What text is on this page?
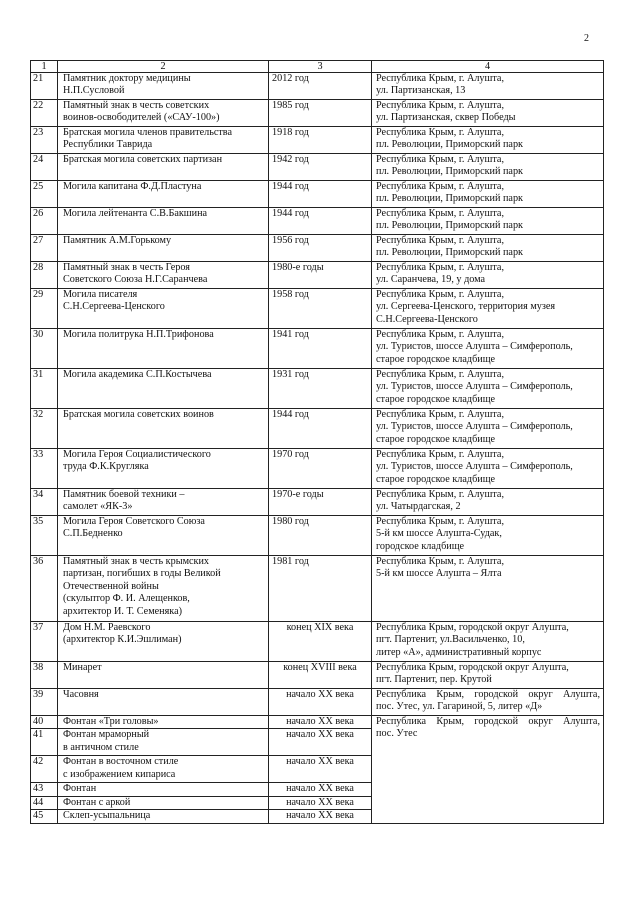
2
1	2	3	4
21	Памятник доктору медицины
Н.П.Сусловой	2012 год	Республика Крым, г. Алушта,
ул. Партизанская, 13

22	Памятный знак в честь советских
воинов-освободителей («САУ-100»)	1985 год	Республика Крым, г. Алушта,
ул. Партизанская, сквер Победы

23	Братская могила членов правительства
Республики Таврида	1918 год	Республика Крым, г. Алушта,
пл. Революции, Приморский парк

24	Братская могила советских партизан	1942 год	Республика Крым, г. Алушта,
пл. Революции, Приморский парк

25	Могила капитана Ф.Д.Пластуна	1944 год	Республика Крым, г. Алушта,
пл. Революции, Приморский парк

26	Могила лейтенанта С.В.Бакшина	1944 год	Республика Крым, г. Алушта,
пл. Революции, Приморский парк

27	Памятник А.М.Горькому	1956 год	Республика Крым, г. Алушта,
пл. Революции, Приморский парк

28	Памятный знак в честь Героя
Советского Союза Н.Г.Саранчева	1980-е годы	Республика Крым, г. Алушта,
ул. Саранчева, 19, у дома

29	Могила писателя
С.Н.Сергеева-Ценского	1958 год	Республика Крым, г. Алушта,
ул. Сергеева-Ценского, территория музея
С.Н.Сергеева-Ценского

30	Могила политрука Н.П.Трифонова	1941 год	Республика Крым, г. Алушта,
ул. Туристов, шоссе Алушта – Симферополь,
старое городское кладбище

31	Могила академика С.П.Костычева	1931 год	Республика Крым, г. Алушта,
ул. Туристов, шоссе Алушта – Симферополь,
старое городское кладбище

32	Братская могила советских воинов	1944 год	Республика Крым, г. Алушта,
ул. Туристов, шоссе Алушта – Симферополь,
старое городское кладбище

33	Могила Героя Социалистического
труда Ф.К.Кругляка	1970 год	Республика Крым, г. Алушта,
ул. Туристов, шоссе Алушта – Симферополь,
старое городское кладбище

34	Памятник боевой техники –
самолет «ЯК-3»	1970-е годы	Республика Крым, г. Алушта,
ул. Чатырдагская, 2

35	Могила Героя Советского Союза
С.П.Бедненко	1980 год	Республика Крым, г. Алушта,
5-й км шоссе Алушта-Судак,
городское кладбище

36	Памятный знак в честь крымских
партизан, погибших в годы Великой
Отечественной войны
(скульптор Ф. И. Алещенков,
архитектор И. Т. Семеняка)	1981 год	Республика Крым, г. Алушта,
5-й км шоссе Алушта – Ялта

37	Дом Н.М. Раевского
(архитектор К.И.Эшлиман)	конец XIX века	Республика Крым, городской округ Алушта,
пгт. Партенит, ул.Васильченко, 10,
литер «А», административный корпус

38	Минарет	конец XVIII века	Республика Крым, городской округ Алушта,
пгт. Партенит, пер. Крутой

39	Часовня	начало XX века	Республика Крым, городской округ Алушта,
пос. Утес, ул. Гагариной, 5, литер «Д»

40	Фонтан «Три головы»	начало XX века	Республика Крым, городской округ Алушта,
пос. Утес

41	Фонтан мраморный
в античном стиле	начало XX века	

42	Фонтан в восточном стиле
с изображением кипариса	начало XX века	

43	Фонтан	начало XX века	

44	Фонтан с аркой	начало XX века	

45	Склеп-усыпальница	начало XX века	
